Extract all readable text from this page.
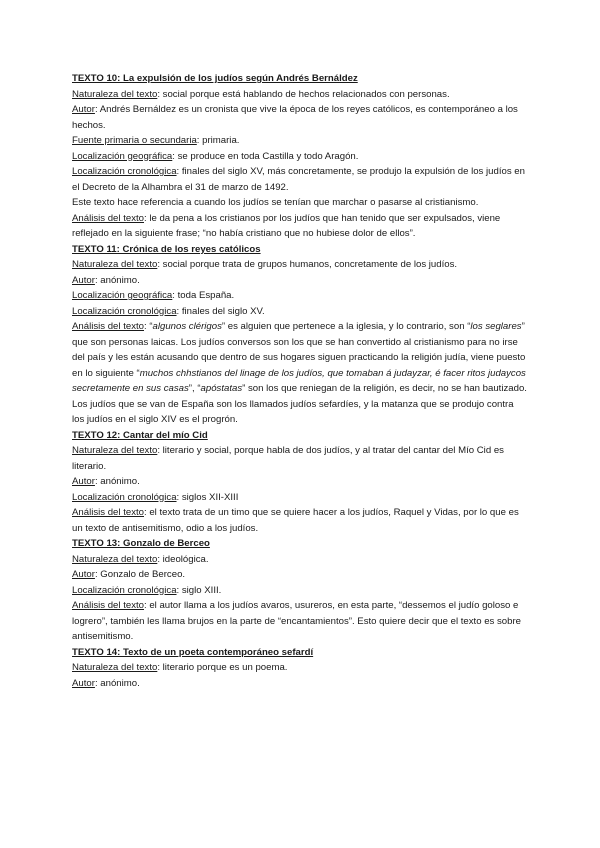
TEXTO 10: La expulsión de los judíos según Andrés Bernáldez

Naturaleza del texto: social porque está hablando de hechos relacionados con personas.

Autor: Andrés Bernáldez es un cronista que vive la época de los reyes católicos, es contemporáneo a los hechos.

Fuente primaria o secundaria: primaria.

Localización geográfica: se produce en toda Castilla y todo Aragón.

Localización cronológica: finales del siglo XV, más concretamente, se produjo la expulsión de los judíos en el Decreto de la Alhambra el 31 de marzo de 1492.

Este texto hace referencia a cuando los judíos se tenían que marchar o pasarse al cristianismo.

Análisis del texto: le da pena a los cristianos por los judíos que han tenido que ser expulsados, viene reflejado en la siguiente frase; “no había cristiano que no hubiese dolor de ellos”.

TEXTO 11: Crónica de los reyes católicos

Naturaleza del texto: social porque trata de grupos humanos, concretamente de los judíos.

Autor: anónimo.

Localización geográfica: toda España.

Localización cronológica: finales del siglo XV.

Análisis del texto: “algunos clérigos” es alguien que pertenece a la iglesia, y lo contrario, son “los seglares” que son personas laicas. Los judíos conversos son los que se han convertido al cristianismo para no irse del país y les están acusando que dentro de sus hogares siguen practicando la religión judía, viene puesto en lo siguiente “muchos chhstianos del linage de los judíos, que tomaban á judayzar, é facer ritos judaycos secretamente en sus casas”, “apóstatas” son los que reniegan de la religión, es decir, no se han bautizado. Los judíos que se van de España son los llamados judíos sefardíes, y la matanza que se produjo contra los judíos en el siglo XIV es el progrón.

TEXTO 12: Cantar del mío Cid

Naturaleza del texto: literario y social, porque habla de dos judíos, y al tratar del cantar del Mío Cid es literario.

Autor: anónimo.

Localización cronológica: siglos XII-XIII

Análisis del texto: el texto trata de un timo que se quiere hacer a los judíos, Raquel y Vidas, por lo que es un texto de antisemitismo, odio a los judíos.

TEXTO 13: Gonzalo de Berceo

Naturaleza del texto: ideológica.

Autor: Gonzalo de Berceo.

Localización cronológica: siglo XIII.

Análisis del texto: el autor llama a los judíos avaros, usureros, en esta parte, “dessemos el judío goloso e logrero”, también les llama brujos en la parte de “encantamientos”. Esto quiere decir que el texto es sobre antisemitismo.

TEXTO 14: Texto de un poeta contemporáneo sefardí

Naturaleza del texto: literario porque es un poema.

Autor: anónimo.
